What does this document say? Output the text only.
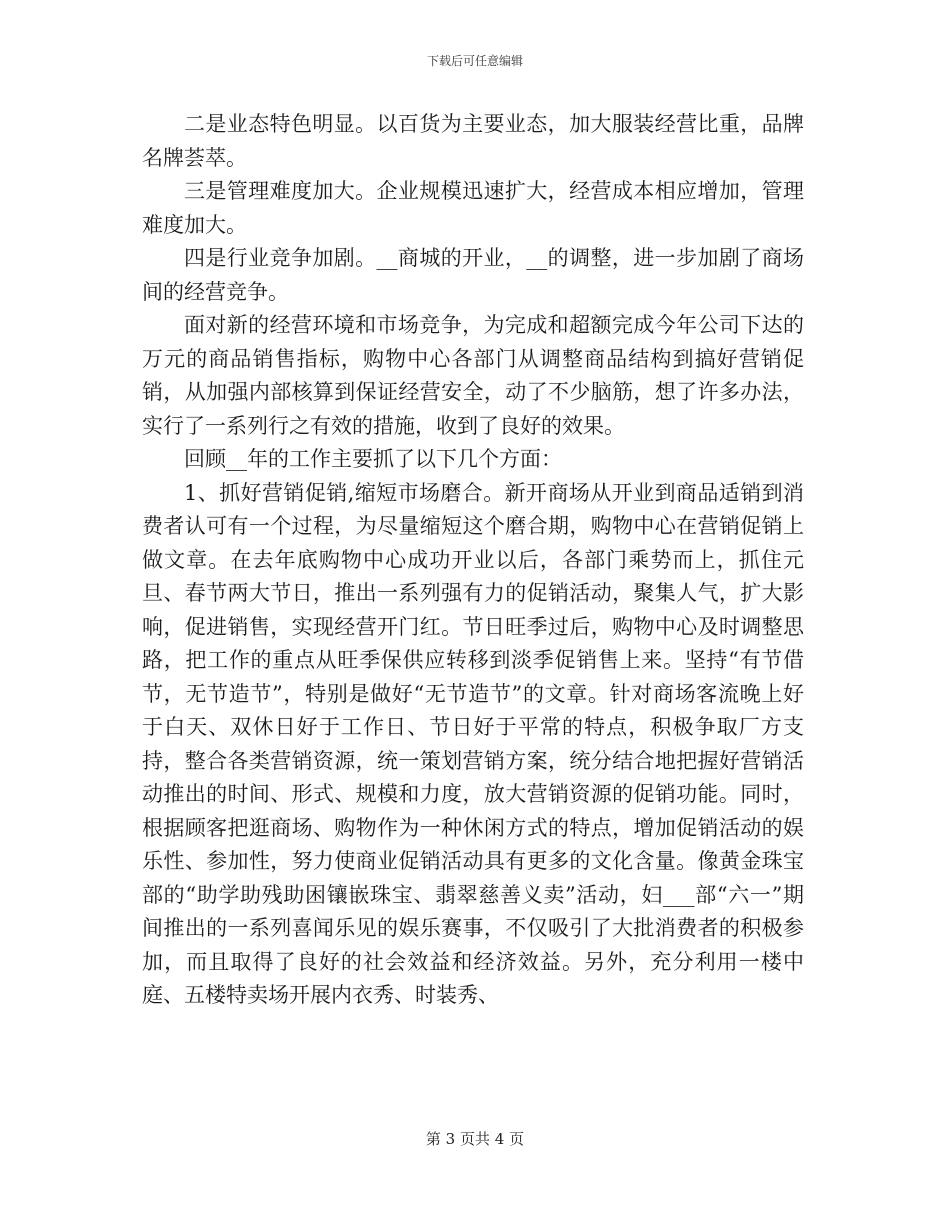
下载后可任意编辑

二是业态特色明显。以百货为主要业态，加大服装经营比重，品牌名牌荟萃。

三是管理难度加大。企业规模迅速扩大，经营成本相应增加，管理难度加大。

四是行业竞争加剧。__商城的开业，__的调整，进一步加剧了商场间的经营竞争。

面对新的经营环境和市场竞争，为完成和超额完成今年公司下达的万元的商品销售指标，购物中心各部门从调整商品结构到搞好营销促销，从加强内部核算到保证经营安全，动了不少脑筋，想了许多办法，实行了一系列行之有效的措施，收到了良好的效果。

回顾__年的工作主要抓了以下几个方面：

1、抓好营销促销,缩短市场磨合。新开商场从开业到商品适销到消费者认可有一个过程，为尽量缩短这个磨合期，购物中心在营销促销上做文章。在去年底购物中心成功开业以后，各部门乘势而上，抓住元旦、春节两大节日，推出一系列强有力的促销活动，聚集人气，扩大影响，促进销售，实现经营开门红。节日旺季过后，购物中心及时调整思路，把工作的重点从旺季保供应转移到淡季促销售上来。坚持“有节借节，无节造节”，特别是做好“无节造节”的文章。针对商场客流晚上好于白天、双休日好于工作日、节日好于平常的特点，积极争取厂方支持，整合各类营销资源，统一策划营销方案，统分结合地把握好营销活动推出的时间、形式、规模和力度，放大营销资源的促销功能。同时，根据顾客把逛商场、购物作为一种休闲方式的特点，增加促销活动的娱乐性、参加性，努力使商业促销活动具有更多的文化含量。像黄金珠宝部的“助学助残助困镶嵌珠宝、翡翠慈善义卖”活动，妇___部“六一”期间推出的一系列喜闻乐见的娱乐赛事，不仅吸引了大批消费者的积极参加，而且取得了良好的社会效益和经济效益。另外，充分利用一楼中庭、五楼特卖场开展内衣秀、时装秀、

第 3 页共 4 页
